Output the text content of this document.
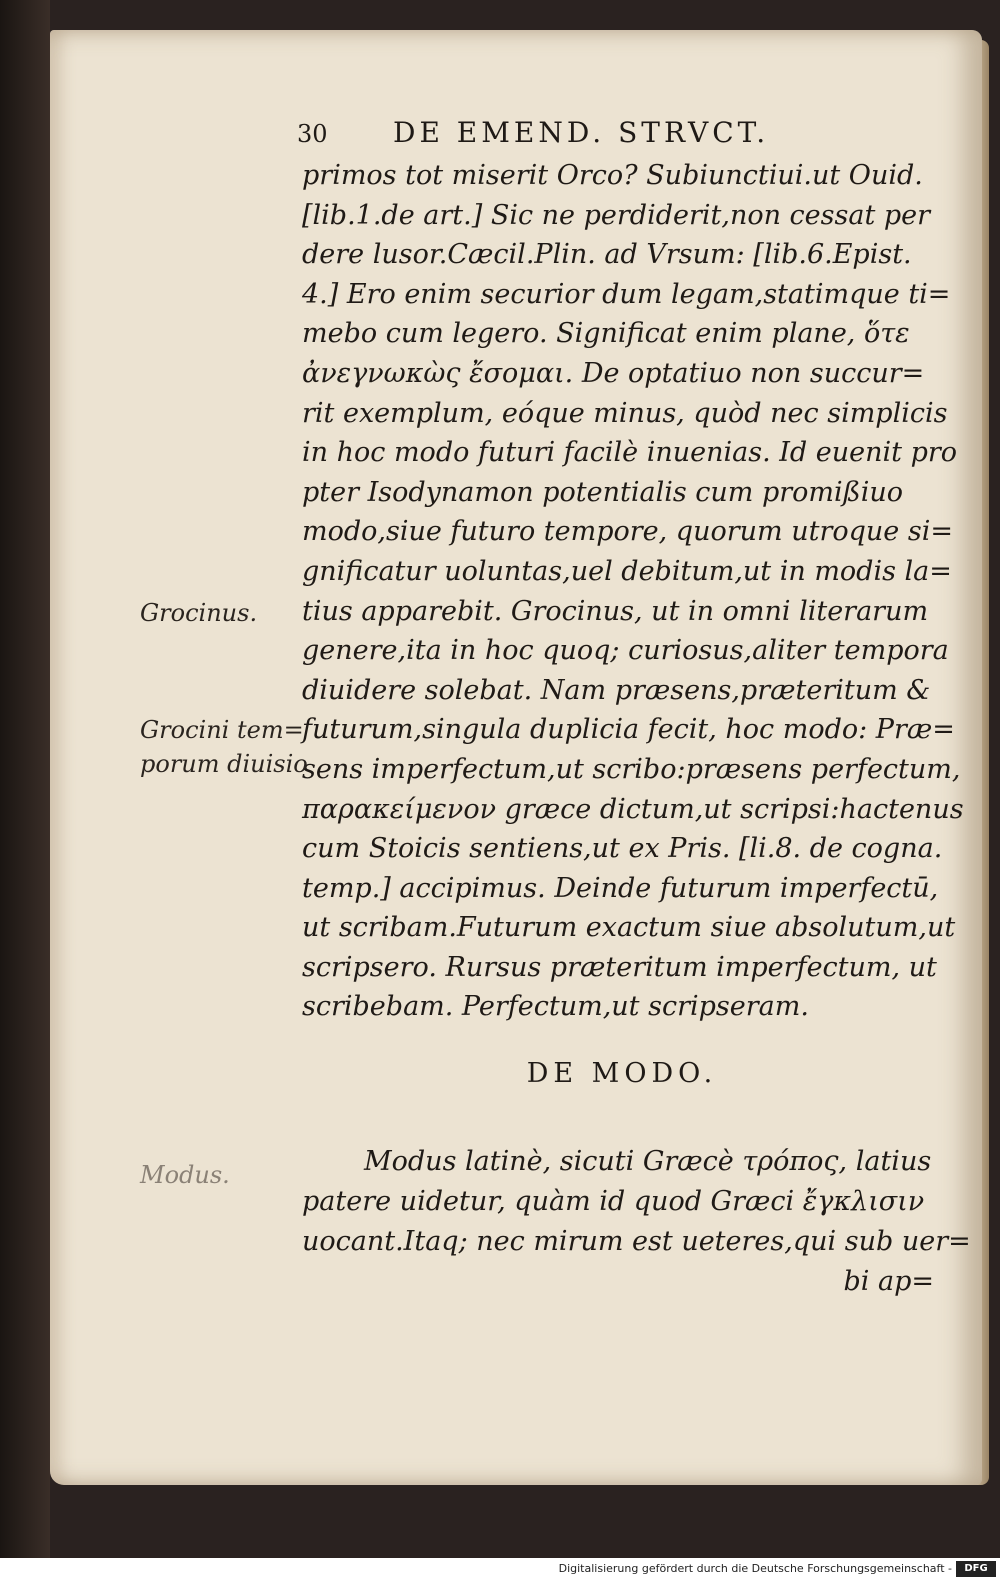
30 DE EMEND. STRVCT.
primos tot miserit Orco? Subiunctiui.ut Ouid.
[lib.1.de art.] Sic ne perdiderit,non cessat per
dere lusor.Cæcil.Plin. ad Vrsum: [lib.6.Epist.
4.] Ero enim securior dum legam,statimque ti=
mebo cum legero. Significat enim plane, ὅτε
ἀνεγνωκὼς ἔσομαι. De optatiuo non succur=
rit exemplum, eóque minus, quòd nec simplicis
in hoc modo futuri facilè inuenias. Id euenit pro
pter Isodynamon potentialis cum promißiuo
modo,siue futuro tempore, quorum utroque si=
gnificatur uoluntas,uel debitum,ut in modis la=
tius apparebit. Grocinus, ut in omni literarum
genere,ita in hoc quoq; curiosus,aliter tempora
diuidere solebat. Nam præsens,præteritum &
futurum,singula duplicia fecit, hoc modo: Præ=
sens imperfectum,ut scribo:præsens perfectum,
παρακείμενον græce dictum,ut scripsi:hactenus
cum Stoicis sentiens,ut ex Pris. [li.8. de cogna.
temp.] accipimus. Deinde futurum imperfectū,
ut scribam.Futurum exactum siue absolutum,ut
scripsero. Rursus præteritum imperfectum, ut
scribebam. Perfectum,ut scripseram.
DE MODO.
Modus latinè, sicuti Græcè τρόπος, latius
patere uidetur, quàm id quod Græci ἔγκλισιν
uocant.Itaq; nec mirum est ueteres,qui sub uer=
bi ap=
Grocinus.
Grocini tem=
porum diuisio
Modus.
Digitalisierung gefördert durch die Deutsche Forschungsgemeinschaft -	DFG
